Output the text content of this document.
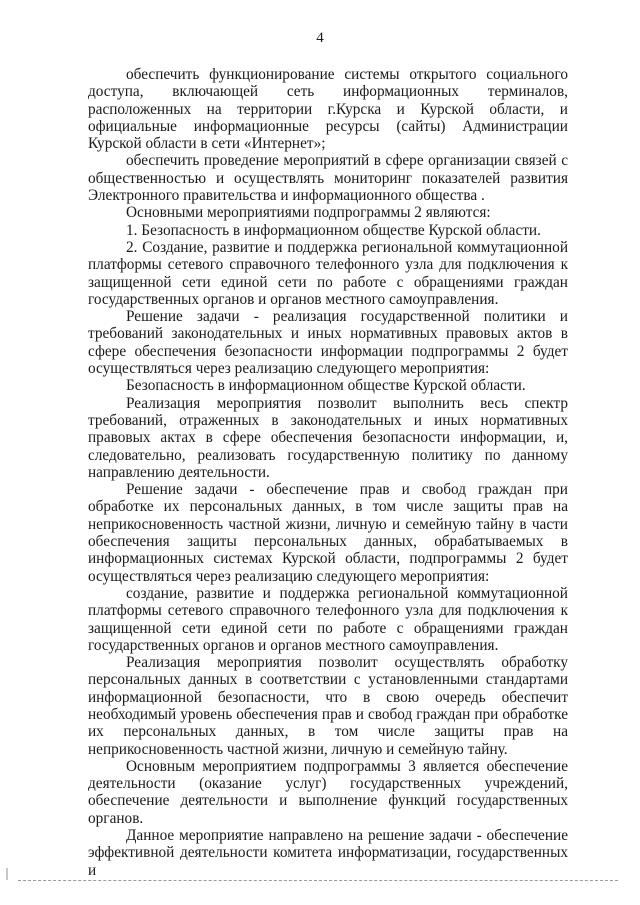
4

обеспечить функционирование системы открытого социального доступа, включающей сеть информационных терминалов, расположенных на территории г.Курска и Курской области, и официальные информационные ресурсы (сайты) Администрации Курской области в сети «Интернет»;

обеспечить проведение мероприятий в сфере организации связей с общественностью и осуществлять мониторинг показателей развития Электронного правительства и информационного общества .

Основными мероприятиями подпрограммы 2 являются:

1. Безопасность в информационном обществе Курской области.

2. Создание, развитие и поддержка региональной коммутационной платформы сетевого справочного телефонного узла для подключения к защищенной сети единой сети по работе с обращениями граждан государственных органов и органов местного самоуправления.

Решение задачи - реализация государственной политики и требований законодательных и иных нормативных правовых актов в сфере обеспечения безопасности информации подпрограммы 2 будет осуществляться через реализацию следующего мероприятия:

Безопасность в информационном обществе Курской области.

Реализация мероприятия позволит выполнить весь спектр требований, отраженных в законодательных и иных нормативных правовых актах в сфере обеспечения безопасности информации, и, следовательно, реализовать государственную политику по данному направлению деятельности.

Решение задачи - обеспечение прав и свобод граждан при обработке их персональных данных, в том числе защиты прав на неприкосновенность частной жизни, личную и семейную тайну в части обеспечения защиты персональных данных, обрабатываемых в информационных системах Курской области, подпрограммы 2 будет осуществляться через реализацию следующего мероприятия:

создание, развитие и поддержка региональной коммутационной платформы сетевого справочного телефонного узла для подключения к защищенной сети единой сети по работе с обращениями граждан государственных органов и органов местного самоуправления.

Реализация мероприятия позволит осуществлять обработку персональных данных в соответствии с установленными стандартами информационной безопасности, что в свою очередь обеспечит необходимый уровень обеспечения прав и свобод граждан при обработке их персональных данных, в том числе защиты прав на неприкосновенность частной жизни, личную и семейную тайну.

Основным мероприятием подпрограммы 3 является обеспечение деятельности (оказание услуг) государственных учреждений, обеспечение деятельности и выполнение функций государственных органов.

Данное мероприятие направлено на решение задачи - обеспечение эффективной деятельности комитета информатизации, государственных и
